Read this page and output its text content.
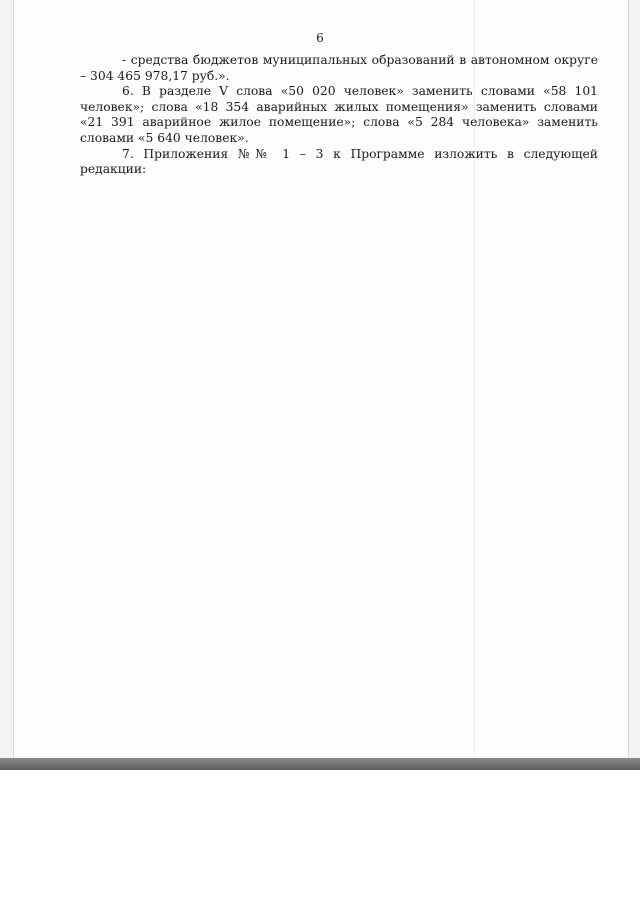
6

- средства бюджетов муниципальных образований в автономном округе – 304 465 978,17 руб.».

6. В разделе V слова «50 020 человек» заменить словами «58 101 человек»; слова «18 354 аварийных жилых помещения» заменить словами «21 391 аварийное жилое помещение»; слова «5 284 человека» заменить словами «5 640 человек».

7. Приложения №№ 1 – 3 к Программе изложить в следующей редакции:
